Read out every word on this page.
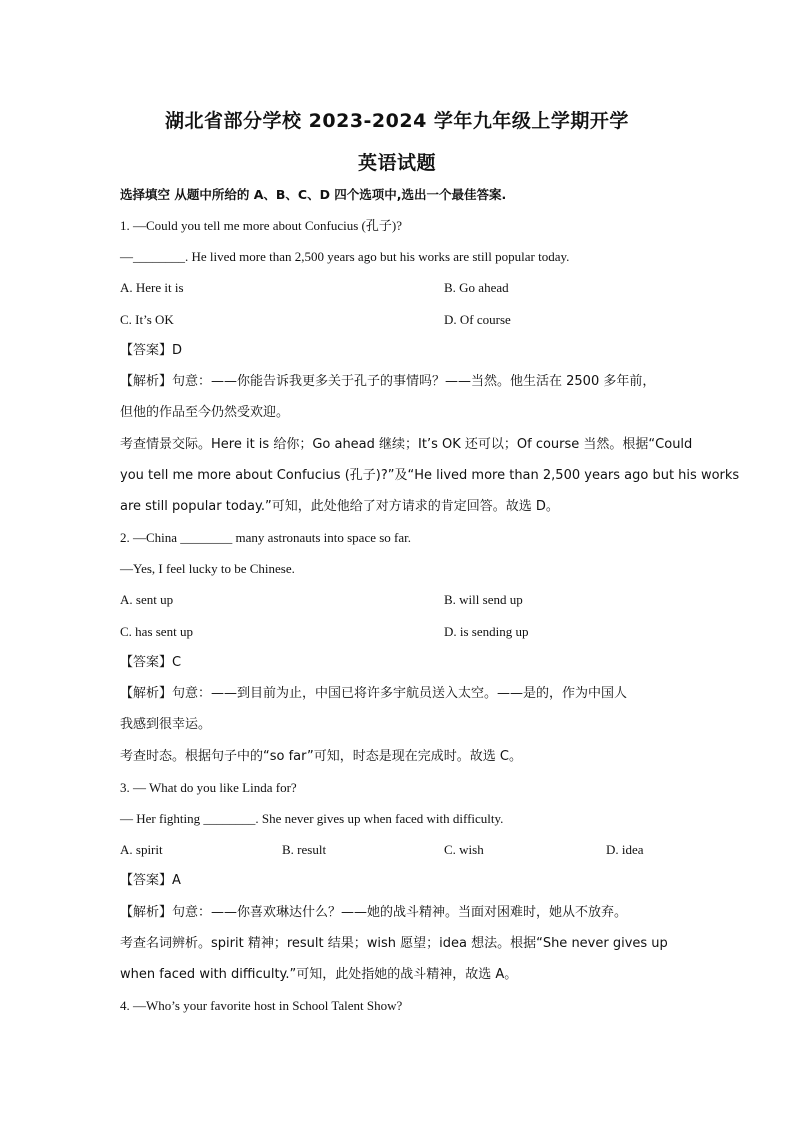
湖北省部分学校 2023-2024 学年九年级上学期开学
英语试题
选择填空 从题中所给的 A、B、C、D 四个选项中,选出一个最佳答案.
1. —Could you tell me more about Confucius (孔子)?
—________. He lived more than 2,500 years ago but his works are still popular today.
A. Here it is	B. Go ahead
C. It’s OK	D. Of course
【答案】D
【解析】句意：——你能告诉我更多关于孔子的事情吗？——当然。他生活在 2500 多年前，
但他的作品至今仍然受欢迎。
考查情景交际。Here it is 给你；Go ahead 继续；It’s OK 还可以；Of course 当然。根据“Could
you tell me more about Confucius (孔子)?”及“He lived more than 2,500 years ago but his works
are still popular today.”可知，此处他给了对方请求的肯定回答。故选 D。
2. —China ________ many astronauts into space so far.
—Yes, I feel lucky to be Chinese.
A. sent up	B. will send up
C. has sent up	D. is sending up
【答案】C
【解析】句意：——到目前为止，中国已将许多宇航员送入太空。——是的，作为中国人
我感到很幸运。
考查时态。根据句子中的“so far”可知，时态是现在完成时。故选 C。
3. — What do you like Linda for?
— Her fighting ________. She never gives up when faced with difficulty.
A. spirit	B. result	C. wish	D. idea
【答案】A
【解析】句意：——你喜欢琳达什么？——她的战斗精神。当面对困难时，她从不放弃。
考查名词辨析。spirit 精神；result 结果；wish 愿望；idea 想法。根据“She never gives up
when faced with difficulty.”可知，此处指她的战斗精神，故选 A。
4. —Who’s your favorite host in School Talent Show?
